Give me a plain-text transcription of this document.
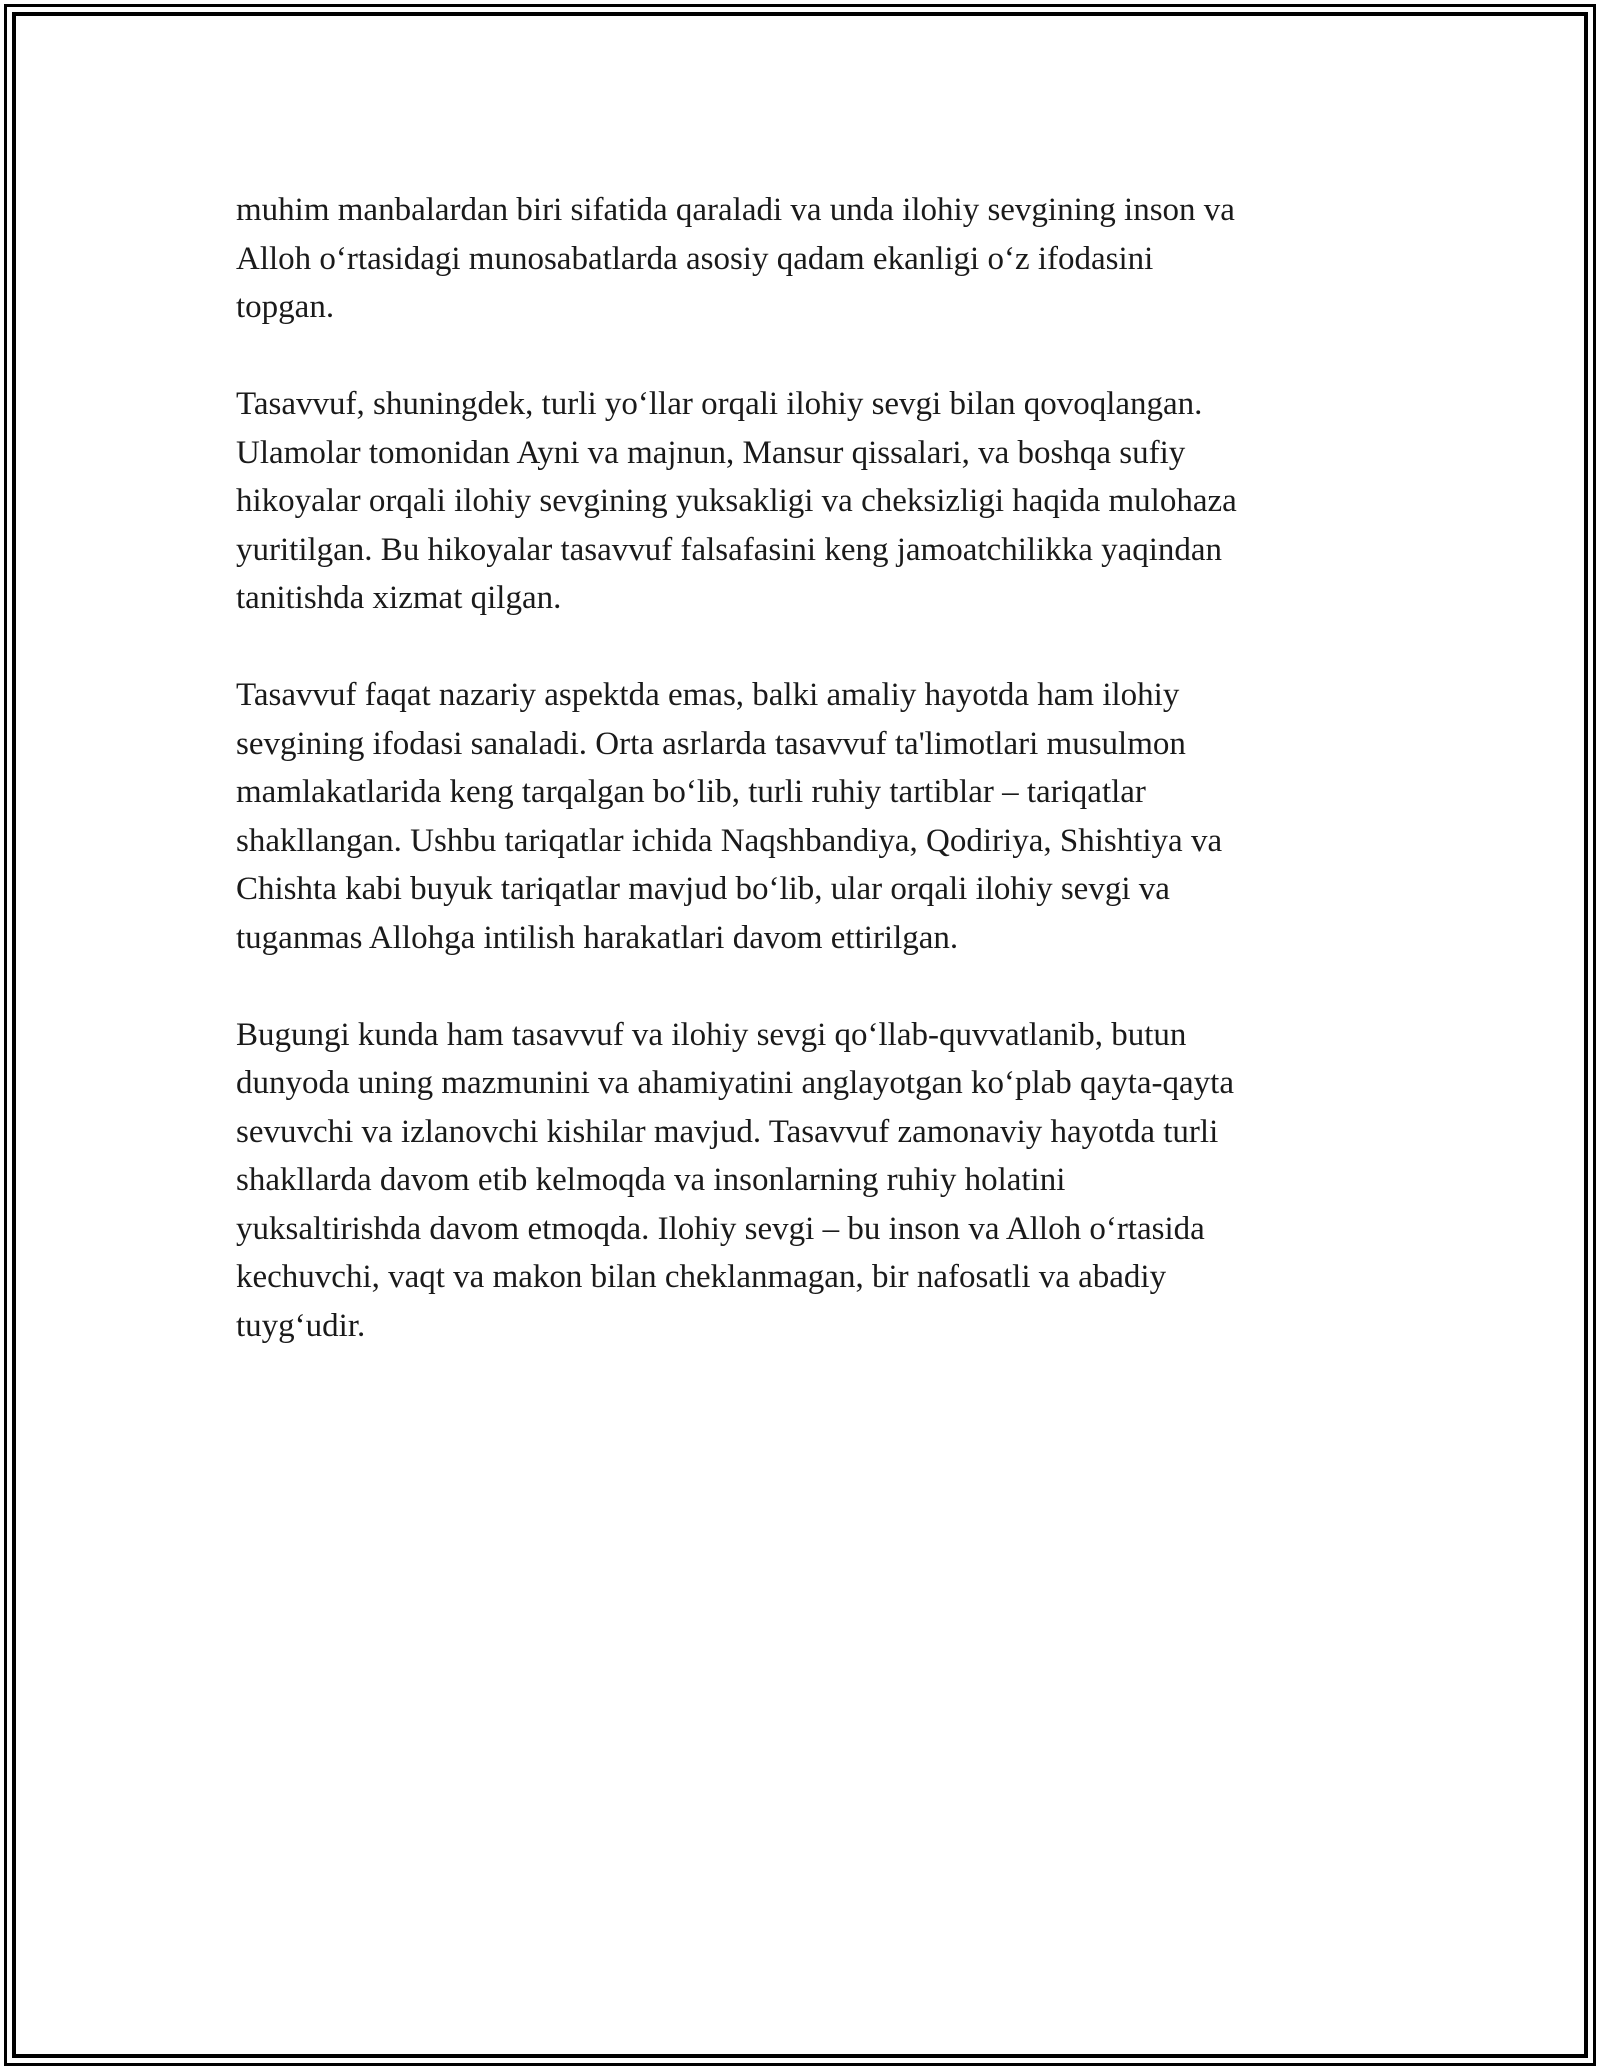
muhim manbalardan biri sifatida qaraladi va unda ilohiy sevgining inson va
Alloh o‘rtasidagi munosabatlarda asosiy qadam ekanligi o‘z ifodasini
topgan.

Tasavvuf, shuningdek, turli yo‘llar orqali ilohiy sevgi bilan qovoqlangan.
Ulamolar tomonidan Ayni va majnun, Mansur qissalari, va boshqa sufiy
hikoyalar orqali ilohiy sevgining yuksakligi va cheksizligi haqida mulohaza
yuritilgan. Bu hikoyalar tasavvuf falsafasini keng jamoatchilikka yaqindan
tanitishda xizmat qilgan.

Tasavvuf faqat nazariy aspektda emas, balki amaliy hayotda ham ilohiy
sevgining ifodasi sanaladi. Orta asrlarda tasavvuf ta'limotlari musulmon
mamlakatlarida keng tarqalgan bo‘lib, turli ruhiy tartiblar – tariqatlar
shakllangan. Ushbu tariqatlar ichida Naqshbandiya, Qodiriya, Shishtiya va
Chishta kabi buyuk tariqatlar mavjud bo‘lib, ular orqali ilohiy sevgi va
tuganmas Allohga intilish harakatlari davom ettirilgan.

Bugungi kunda ham tasavvuf va ilohiy sevgi qo‘llab-quvvatlanib, butun
dunyoda uning mazmunini va ahamiyatini anglayotgan ko‘plab qayta-qayta
sevuvchi va izlanovchi kishilar mavjud. Tasavvuf zamonaviy hayotda turli
shakllarda davom etib kelmoqda va insonlarning ruhiy holatini
yuksaltirishda davom etmoqda. Ilohiy sevgi – bu inson va Alloh o‘rtasida
kechuvchi, vaqt va makon bilan cheklanmagan, bir nafosatli va abadiy
tuyg‘udir.
